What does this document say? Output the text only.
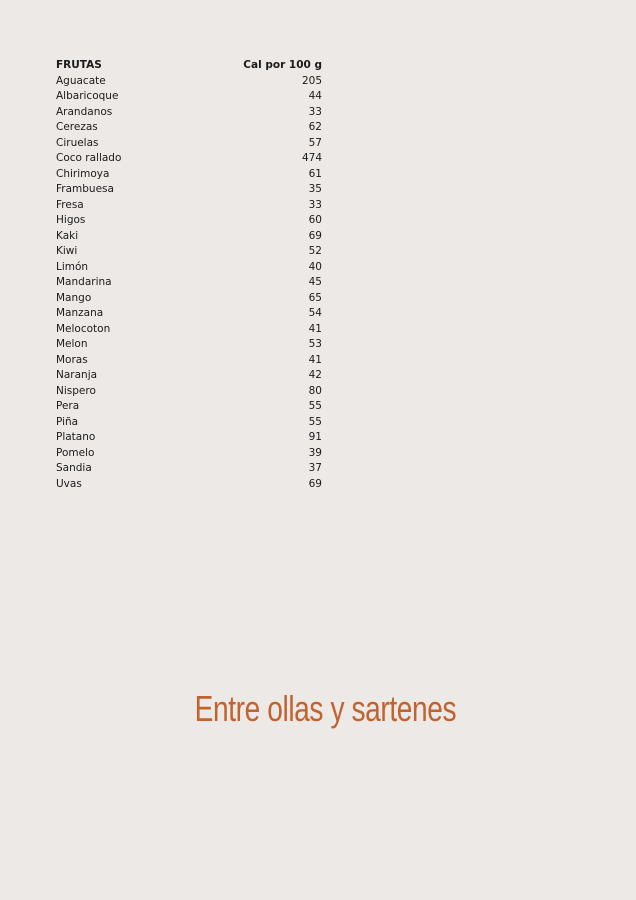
FRUTAS	Cal por 100 g
Aguacate	205
Albaricoque	44
Arandanos	33
Cerezas	62
Ciruelas	57
Coco rallado	474
Chirimoya	61
Frambuesa	35
Fresa	33
Higos	60
Kaki	69
Kiwi	52
Limón	40
Mandarina	45
Mango	65
Manzana	54
Melocoton	41
Melon	53
Moras	41
Naranja	42
Nispero	80
Pera	55
Piña	55
Platano	91
Pomelo	39
Sandia	37
Uvas	69
Entre ollas y sartenes
